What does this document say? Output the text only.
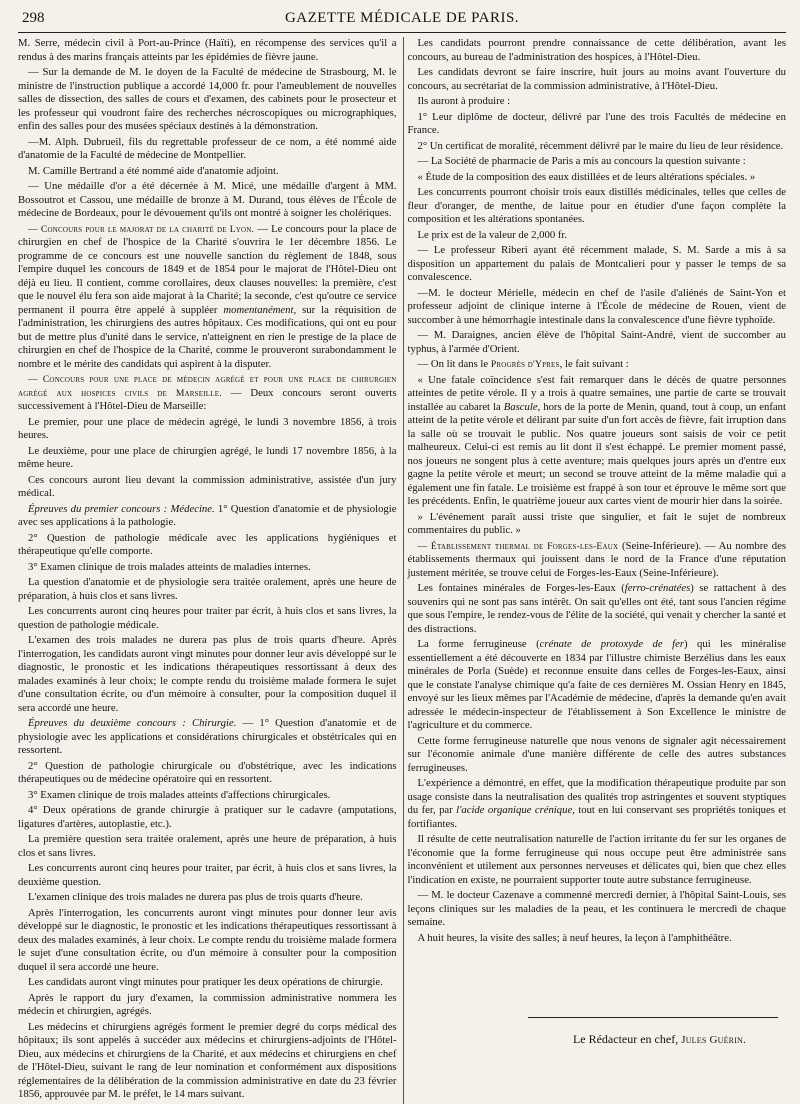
298	GAZETTE MÉDICALE DE PARIS.

M. Serre, médecin civil à Port-au-Prince (Haïti), en récompense des services qu'il a rendus à des marins français atteints par les épidémies de fièvre jaune.

— Sur la demande de M. le doyen de la Faculté de médecine de Strasbourg, M. le ministre de l'instruction publique a accordé 14,000 fr. pour l'ameublement de nouvelles salles de dissection, des salles de cours et d'examen, des cabinets pour le prosecteur et les professeur qui voudront faire des recherches nécroscopiques ou micrographiques, enfin des salles pour des musées spéciaux destinés à la démonstration.

—M. Alph. Dubrueil, fils du regrettable professeur de ce nom, a été nommé aide d'anatomie de la Faculté de médecine de Montpellier.

M. Camille Bertrand a été nommé aide d'anatomie adjoint.

— Une médaille d'or a été décernée à M. Micé, une médaille d'argent à MM. Bossoutrot et Cassou, une médaille de bronze à M. Durand, tous élèves de l'École de médecine de Bordeaux, pour le dévouement qu'ils ont montré à soigner les cholériques.

— Concours pour le majorat de la charité de Lyon. — Le concours pour la place de chirurgien en chef de l'hospice de la Charité s'ouvrira le 1er décembre 1856. Le programme de ce concours est une nouvelle sanction du règlement de 1848, sous l'empire duquel les concours de 1849 et de 1854 pour le majorat de l'Hôtel-Dieu ont déjà eu lieu. Il contient, comme corollaires, deux clauses nouvelles: la première, c'est que le nouvel élu fera son aide majorat à la Charité; la seconde, c'est qu'outre ce service permanent il pourra être appelé à suppléer momentanément, sur la réquisition de l'administration, les chirurgiens des autres hôpitaux. Ces modifications, qui ont eu pour but de mettre plus d'unité dans le service, n'atteignent en rien le prestige de la place de chirurgien en chef de l'hospice de la Charité, comme le prouveront surabondamment le nombre et le mérite des candidats qui aspirent à la disputer.

— Concours pour une place de médecin agrégé et pour une place de chirurgien agrégé aux hospices civils de Marseille. — Deux concours seront ouverts successivement à l'Hôtel-Dieu de Marseille:

Le premier, pour une place de médecin agrégé, le lundi 3 novembre 1856, à trois heures.

Le deuxième, pour une place de chirurgien agrégé, le lundi 17 novembre 1856, à la même heure.

Ces concours auront lieu devant la commission administrative, assistée d'un jury médical.

Épreuves du premier concours : Médecine. 1° Question d'anatomie et de physiologie avec ses applications à la pathologie.

2° Question de pathologie médicale avec les applications hygiéniques et thérapeutique qu'elle comporte.

3° Examen clinique de trois malades atteints de maladies internes.

La question d'anatomie et de physiologie sera traitée oralement, après une heure de préparation, à huis clos et sans livres.

Les concurrents auront cinq heures pour traiter par écrit, à huis clos et sans livres, la question de pathologie médicale.

L'examen des trois malades ne durera pas plus de trois quarts d'heure. Après l'interrogation, les candidats auront vingt minutes pour donner leur avis développé sur le diagnostic, le pronostic et les indications thérapeutiques ressortissant à deux des malades examinés à leur choix; le compte rendu du troisième malade formera le sujet d'une consultation écrite, ou d'un mémoire à consulter, pour la composition duquel il sera accordé une heure.

Épreuves du deuxième concours : Chirurgie. — 1° Question d'anatomie et de physiologie avec les applications et considérations chirurgicales et obstétricales qui en ressortent.

2° Question de pathologie chirurgicale ou d'obstétrique, avec les indications thérapeutiques ou de médecine opératoire qui en ressortent.

3° Examen clinique de trois malades atteints d'affections chirurgicales.

4° Deux opérations de grande chirurgie à pratiquer sur le cadavre (amputations, ligatures d'artères, autoplastie, etc.).

La première question sera traitée oralement, après une heure de préparation, à huis clos et sans livres.

Les concurrents auront cinq heures pour traiter, par écrit, à huis clos et sans livres, la deuxième question.

L'examen clinique des trois malades ne durera pas plus de trois quarts d'heure.

Après l'interrogation, les concurrents auront vingt minutes pour donner leur avis développé sur le diagnostic, le pronostic et les indications thérapeutiques ressortissant à deux des malades examinés, à leur choix. Le compte rendu du troisième malade formera le sujet d'une consultation écrite, ou d'un mémoire à consulter pour la composition duquel il sera accordé une heure.

Les candidats auront vingt minutes pour pratiquer les deux opérations de chirurgie.

Après le rapport du jury d'examen, la commission administrative nommera les médecin et chirurgien, agrégés.

Les médecins et chirurgiens agrégés forment le premier degré du corps médical des hôpitaux; ils sont appelés à succéder aux médecins et chirurgiens-adjoints de l'Hôtel-Dieu, aux médecins et chirurgiens de la Charité, et aux médecins et chirurgiens en chef de l'Hôtel-Dieu, suivant le rang de leur nomination et conformément aux dispositions réglementaires de la délibération de la commission administrative en date du 23 février 1856, approuvée par M. le préfet, le 14 mars suivant.

Les candidats pourront prendre connaissance de cette délibération, avant les concours, au bureau de l'administration des hospices, à l'Hôtel-Dieu.

Les candidats devront se faire inscrire, huit jours au moins avant l'ouverture du concours, au secrétariat de la commission administrative, à l'Hôtel-Dieu.

Ils auront à produire :

1° Leur diplôme de docteur, délivré par l'une des trois Facultés de médecine en France.

2° Un certificat de moralité, récemment délivré par le maire du lieu de leur résidence.

— La Société de pharmacie de Paris a mis au concours la question suivante :

« Étude de la composition des eaux distillées et de leurs altérations spéciales. »

Les concurrents pourront choisir trois eaux distillés médicinales, telles que celles de fleur d'oranger, de menthe, de laitue pour en étudier d'une façon complète la composition et les altérations spontanées.

Le prix est de la valeur de 2,000 fr.

— Le professeur Riberi ayant été récemment malade, S. M. Sarde a mis à sa disposition un appartement du palais de Montcalieri pour y passer le temps de sa convalescence.

—M. le docteur Mérielle, médecin en chef de l'asile d'aliénés de Saint-Yon et professeur adjoint de clinique interne à l'École de médecine de Rouen, vient de succomber à une hémorrhagie intestinale dans la convalescence d'une fièvre typhoïde.

— M. Daraignes, ancien élève de l'hôpital Saint-André, vient de succomber au typhus, à l'armée d'Orient.

— On lit dans le Progrès d'Ypres, le fait suivant :

« Une fatale coïncidence s'est fait remarquer dans le décès de quatre personnes atteintes de petite vérole. Il y a trois à quatre semaines, une partie de carte se trouvait installée au cabaret la Bascule, hors de la porte de Menin, quand, tout à coup, un enfant atteint de la petite vérole et délirant par suite d'un fort accès de fièvre, fait irruption dans la salle où se trouvait le public. Nos quatre joueurs sont saisis de voir ce petit malheureux. Celui-ci est remis au lit dont il s'est échappé. Le premier moment passé, nos joueurs ne songent plus à cette aventure; mais quelques jours après un d'entre eux gagne la petite vérole et meurt; un second se trouve atteint de la même maladie qui a également une fin fatale. Le troisième est frappé à son tour et éprouve le même sort que les précédents. Enfin, le quatrième joueur aux cartes vient de mourir hier dans la soirée.

» L'événement paraît aussi triste que singulier, et fait le sujet de nombreux commentaires du public. »

— Établissement thermal de Forges-les-Eaux (Seine-Inférieure). — Au nombre des établissements thermaux qui jouissent dans le nord de la France d'une réputation justement méritée, se trouve celui de Forges-les-Eaux (Seine-Inférieure).

Les fontaines minérales de Forges-les-Eaux (ferro-crénatées) se rattachent à des souvenirs qui ne sont pas sans intérêt. On sait qu'elles ont été, tant sous l'ancien régime que sous l'empire, le rendez-vous de l'élite de la société, qui venait y chercher la santé et des distractions.

La forme ferrugineuse (crénate de protoxyde de fer) qui les minéralise essentiellement a été découverte en 1834 par l'illustre chimiste Berzélius dans les eaux minérales de Porla (Suède) et reconnue ensuite dans celles de Forges-les-Eaux, ainsi que le constate l'analyse chimique qu'a faite de ces dernières M. Ossian Henry en 1845, envoyé sur les lieux mêmes par l'Académie de médecine, d'après la demande qu'en avait adressée le médecin-inspecteur de l'établissement à Son Excellence le ministre de l'agriculture et du commerce.

Cette forme ferrugineuse naturelle que nous venons de signaler agit nécessairement sur l'économie animale d'une manière différente de celle des autres substances ferrugineuses.

L'expérience a démontré, en effet, que la modification thérapeutique produite par son usage consiste dans la neutralisation des qualités trop astringentes et souvent styptiques du fer, par l'acide organique crénique, tout en lui conservant ses propriétés toniques et fortifiantes.

Il résulte de cette neutralisation naturelle de l'action irritante du fer sur les organes de l'économie que la forme ferrugineuse qui nous occupe peut être administrée sans inconvénient et utilement aux personnes nerveuses et délicates qui, bien que chez elles l'indication en existe, ne pourraient supporter toute autre substance ferrugineuse.

— M. le docteur Cazenave a commenné mercredi dernier, à l'hôpital Saint-Louis, ses leçons cliniques sur les maladies de la peau, et les continuera le mercredi de chaque semaine.

A huit heures, la visite des salles; à neuf heures, la leçon à l'amphithéâtre.

Le Rédacteur en chef, Jules Guérin.
